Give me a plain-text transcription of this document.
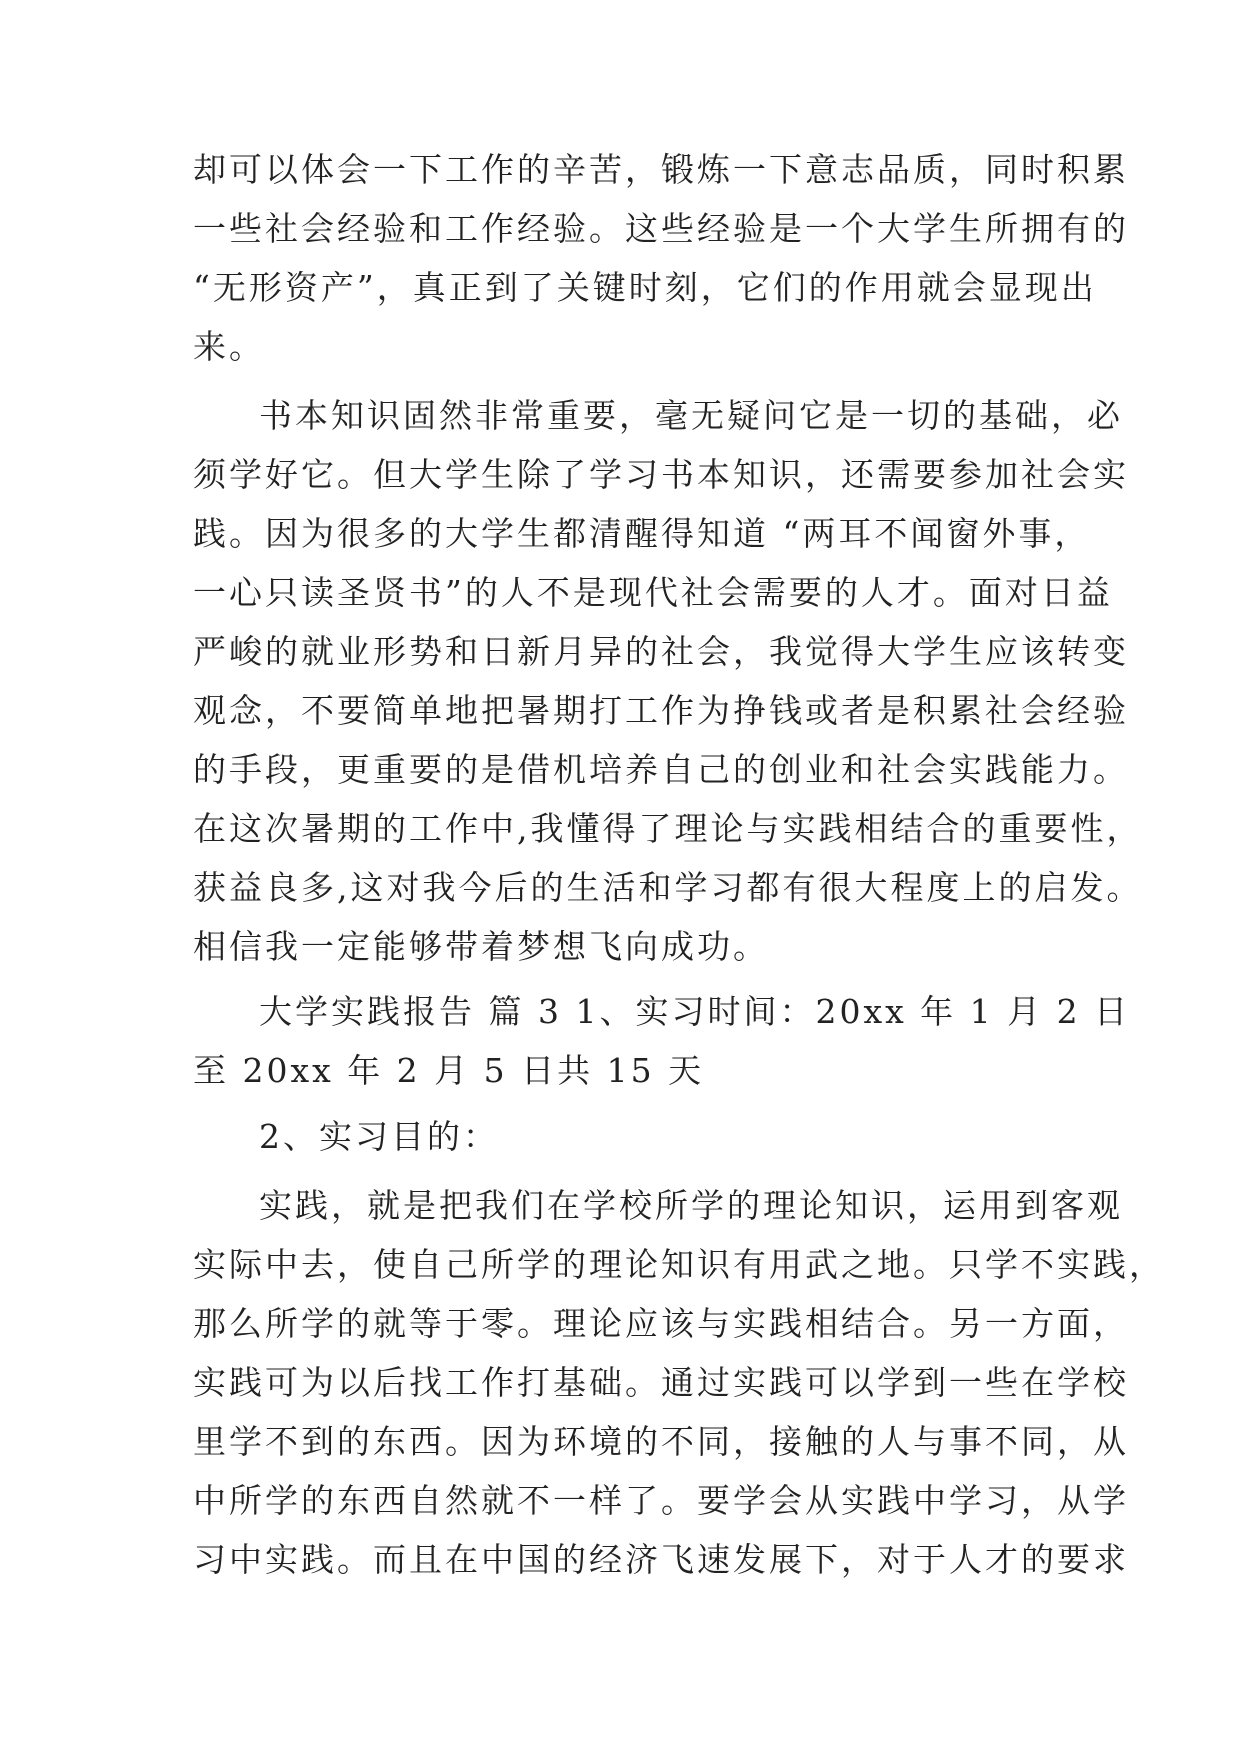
却可以体会一下工作的辛苦，锻炼一下意志品质，同时积累
一些社会经验和工作经验。这些经验是一个大学生所拥有的
“无形资产”，真正到了关键时刻，它们的作用就会显现出
来。
书本知识固然非常重要，毫无疑问它是一切的基础，必
须学好它。但大学生除了学习书本知识，还需要参加社会实
践。因为很多的大学生都清醒得知道 “两耳不闻窗外事，
一心只读圣贤书”的人不是现代社会需要的人才。面对日益
严峻的就业形势和日新月异的社会，我觉得大学生应该转变
观念，不要简单地把暑期打工作为挣钱或者是积累社会经验
的手段，更重要的是借机培养自己的创业和社会实践能力。
在这次暑期的工作中,我懂得了理论与实践相结合的重要性，
获益良多,这对我今后的生活和学习都有很大程度上的启发。
相信我一定能够带着梦想飞向成功。
大学实践报告 篇 3 1、实习时间：20xx 年 1 月 2 日
至 20xx 年 2 月 5 日共 15 天
2、实习目的：
实践，就是把我们在学校所学的理论知识，运用到客观
实际中去，使自己所学的理论知识有用武之地。只学不实践，
那么所学的就等于零。理论应该与实践相结合。另一方面，
实践可为以后找工作打基础。通过实践可以学到一些在学校
里学不到的东西。因为环境的不同，接触的人与事不同，从
中所学的东西自然就不一样了。要学会从实践中学习，从学
习中实践。而且在中国的经济飞速发展下，对于人才的要求
